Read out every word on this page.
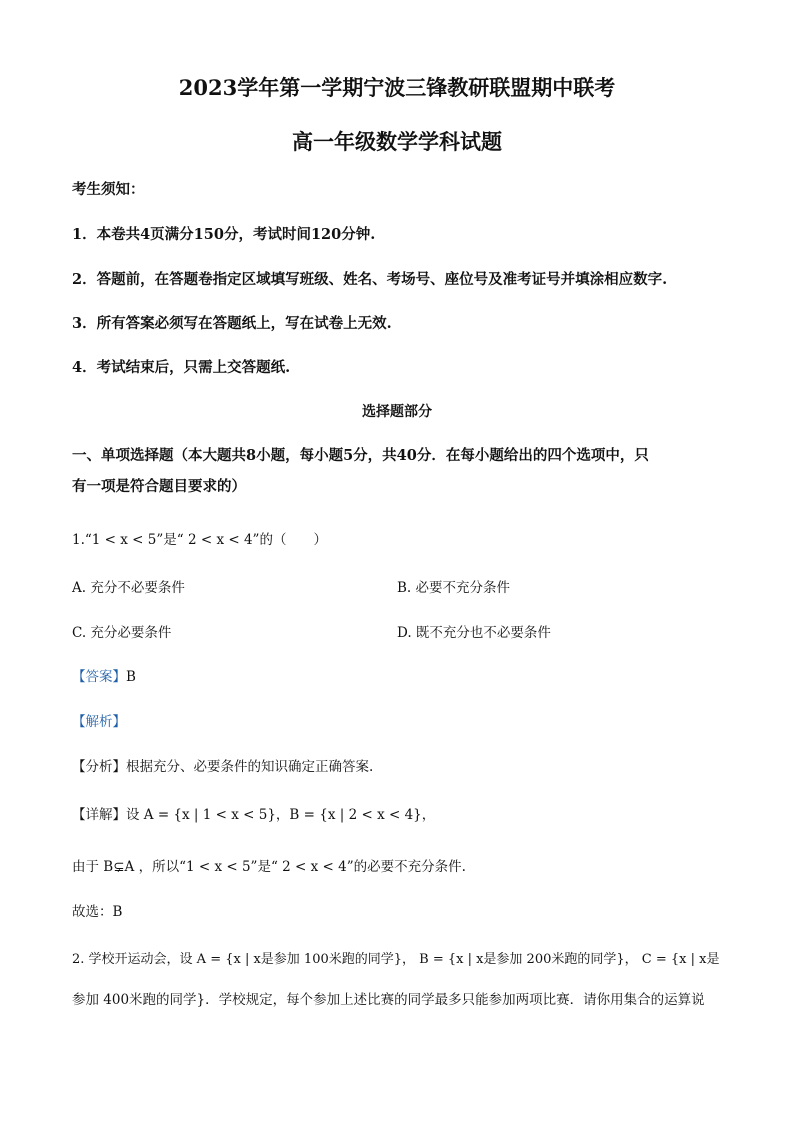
2023学年第一学期宁波三锋教研联盟期中联考
高一年级数学学科试题
考生须知：
1．本卷共4页满分150分，考试时间120分钟.
2．答题前，在答题卷指定区域填写班级、姓名、考场号、座位号及准考证号并填涂相应数字.
3．所有答案必须写在答题纸上，写在试卷上无效.
4．考试结束后，只需上交答题纸.
选择题部分
一、单项选择题（本大题共8小题，每小题5分，共40分．在每小题给出的四个选项中，只
有一项是符合题目要求的）
1.“1 < x < 5”是“ 2 < x < 4”的（　　）
A. 充分不必要条件	B. 必要不充分条件
C. 充分必要条件	D. 既不充分也不必要条件
【答案】B
【解析】
【分析】根据充分、必要条件的知识确定正确答案.
【详解】设 A = {x | 1 < x < 5}，B = {x | 2 < x < 4}，
由于 B⊊A ，所以“1 < x < 5”是“ 2 < x < 4”的必要不充分条件.
故选：B
2. 学校开运动会，设 A = {x | x是参加 100米跑的同学}， B = {x | x是参加 200米跑的同学}， C = {x | x是
参加 400米跑的同学}．学校规定，每个参加上述比赛的同学最多只能参加两项比赛．请你用集合的运算说
